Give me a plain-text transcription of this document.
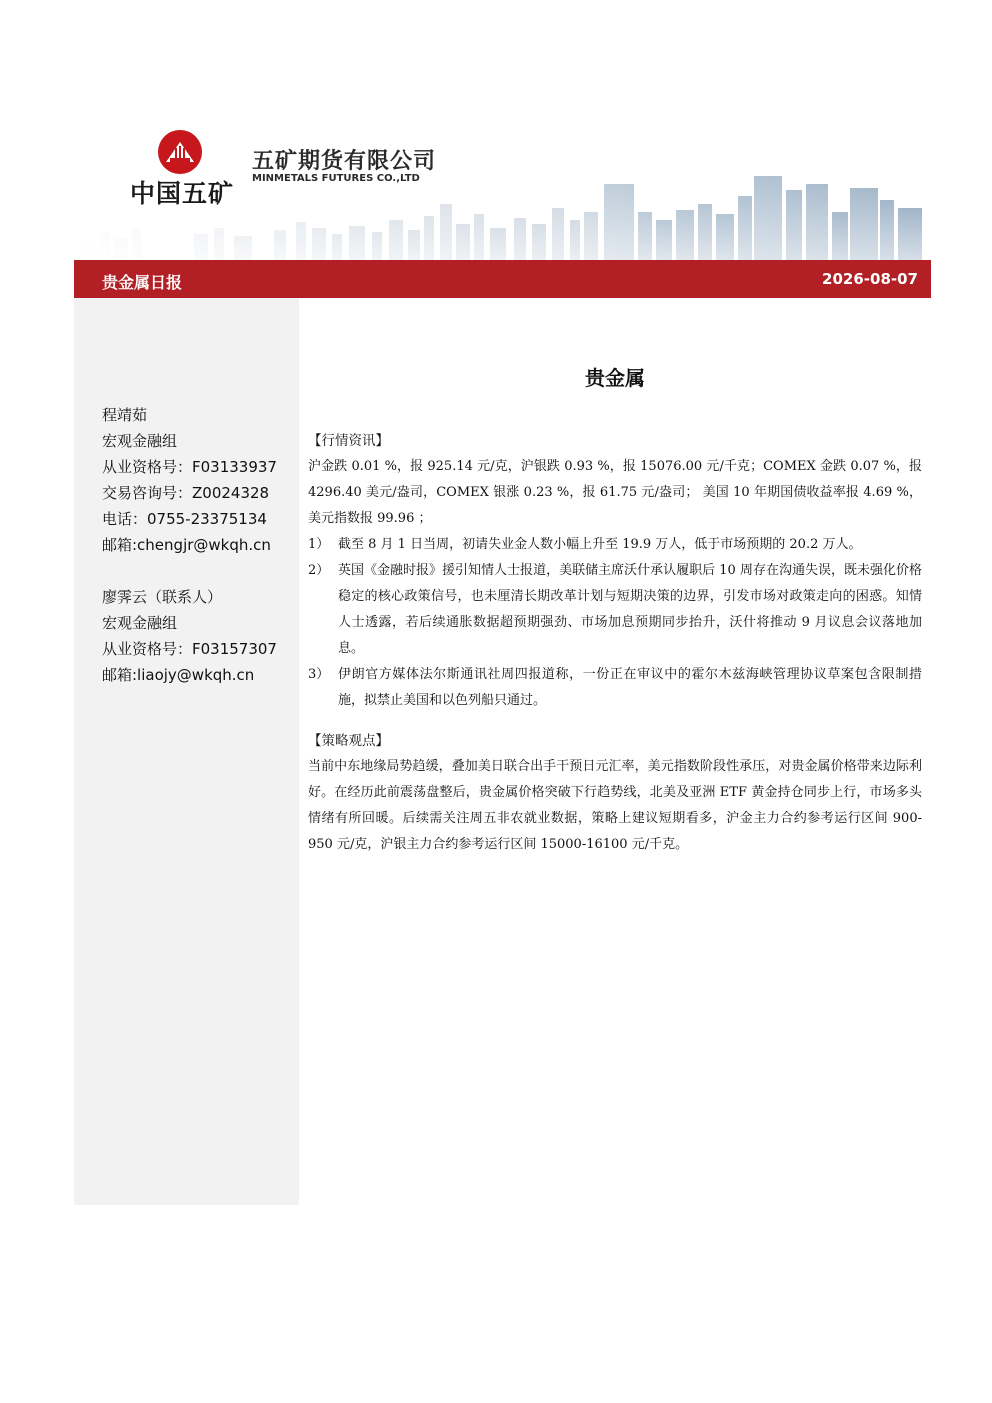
中国五矿
五矿期货有限公司
MINMETALS FUTURES CO.,LTD
贵金属日报	2026-08-07
程靖茹
宏观金融组
从业资格号：F03133937
交易咨询号：Z0024328
电话：0755-23375134
邮箱:chengjr@wkqh.cn
廖霁云（联系人）
宏观金融组
从业资格号：F03157307
邮箱:liaojy@wkqh.cn
贵金属
【行情资讯】

沪金跌 0.01 %，报 925.14 元/克，沪银跌 0.93 %，报 15076.00 元/千克；COMEX 金跌 0.07 %，报 4296.40 美元/盎司，COMEX 银涨 0.23 %，报 61.75 元/盎司； 美国 10 年期国债收益率报 4.69 %，美元指数报 99.96 ；

1） 截至 8 月 1 日当周，初请失业金人数小幅上升至 19.9 万人，低于市场预期的 20.2 万人。
2） 英国《金融时报》援引知情人士报道，美联储主席沃什承认履职后 10 周存在沟通失误，既未强化价格稳定的核心政策信号，也未厘清长期改革计划与短期决策的边界，引发市场对政策走向的困惑。知情人士透露，若后续通胀数据超预期强劲、市场加息预期同步抬升，沃什将推动 9 月议息会议落地加息。
3） 伊朗官方媒体法尔斯通讯社周四报道称，一份正在审议中的霍尔木兹海峡管理协议草案包含限制措施，拟禁止美国和以色列船只通过。
【策略观点】

当前中东地缘局势趋缓，叠加美日联合出手干预日元汇率，美元指数阶段性承压，对贵金属价格带来边际利好。在经历此前震荡盘整后，贵金属价格突破下行趋势线，北美及亚洲 ETF 黄金持仓同步上行，市场多头情绪有所回暖。后续需关注周五非农就业数据，策略上建议短期看多，沪金主力合约参考运行区间 900-950 元/克，沪银主力合约参考运行区间 15000-16100 元/千克。
